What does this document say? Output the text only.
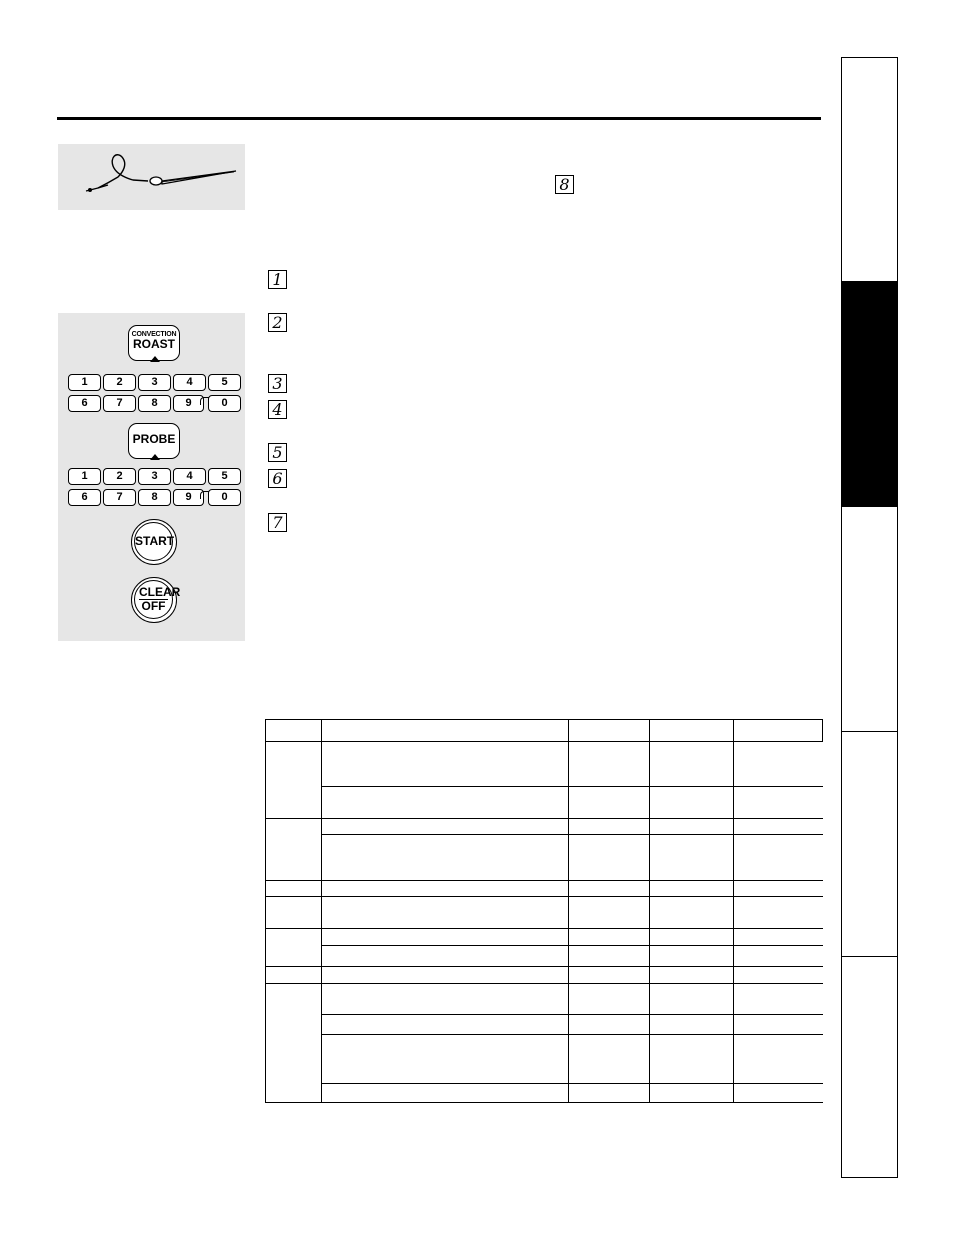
8
1
2
3
4
5
6
7
CONVECTION
ROAST
1	2	3	4	5
6	7	8	9	0
PROBE
1	2	3	4	5
6	7	8	9	0
START
CLEAR
OFF
